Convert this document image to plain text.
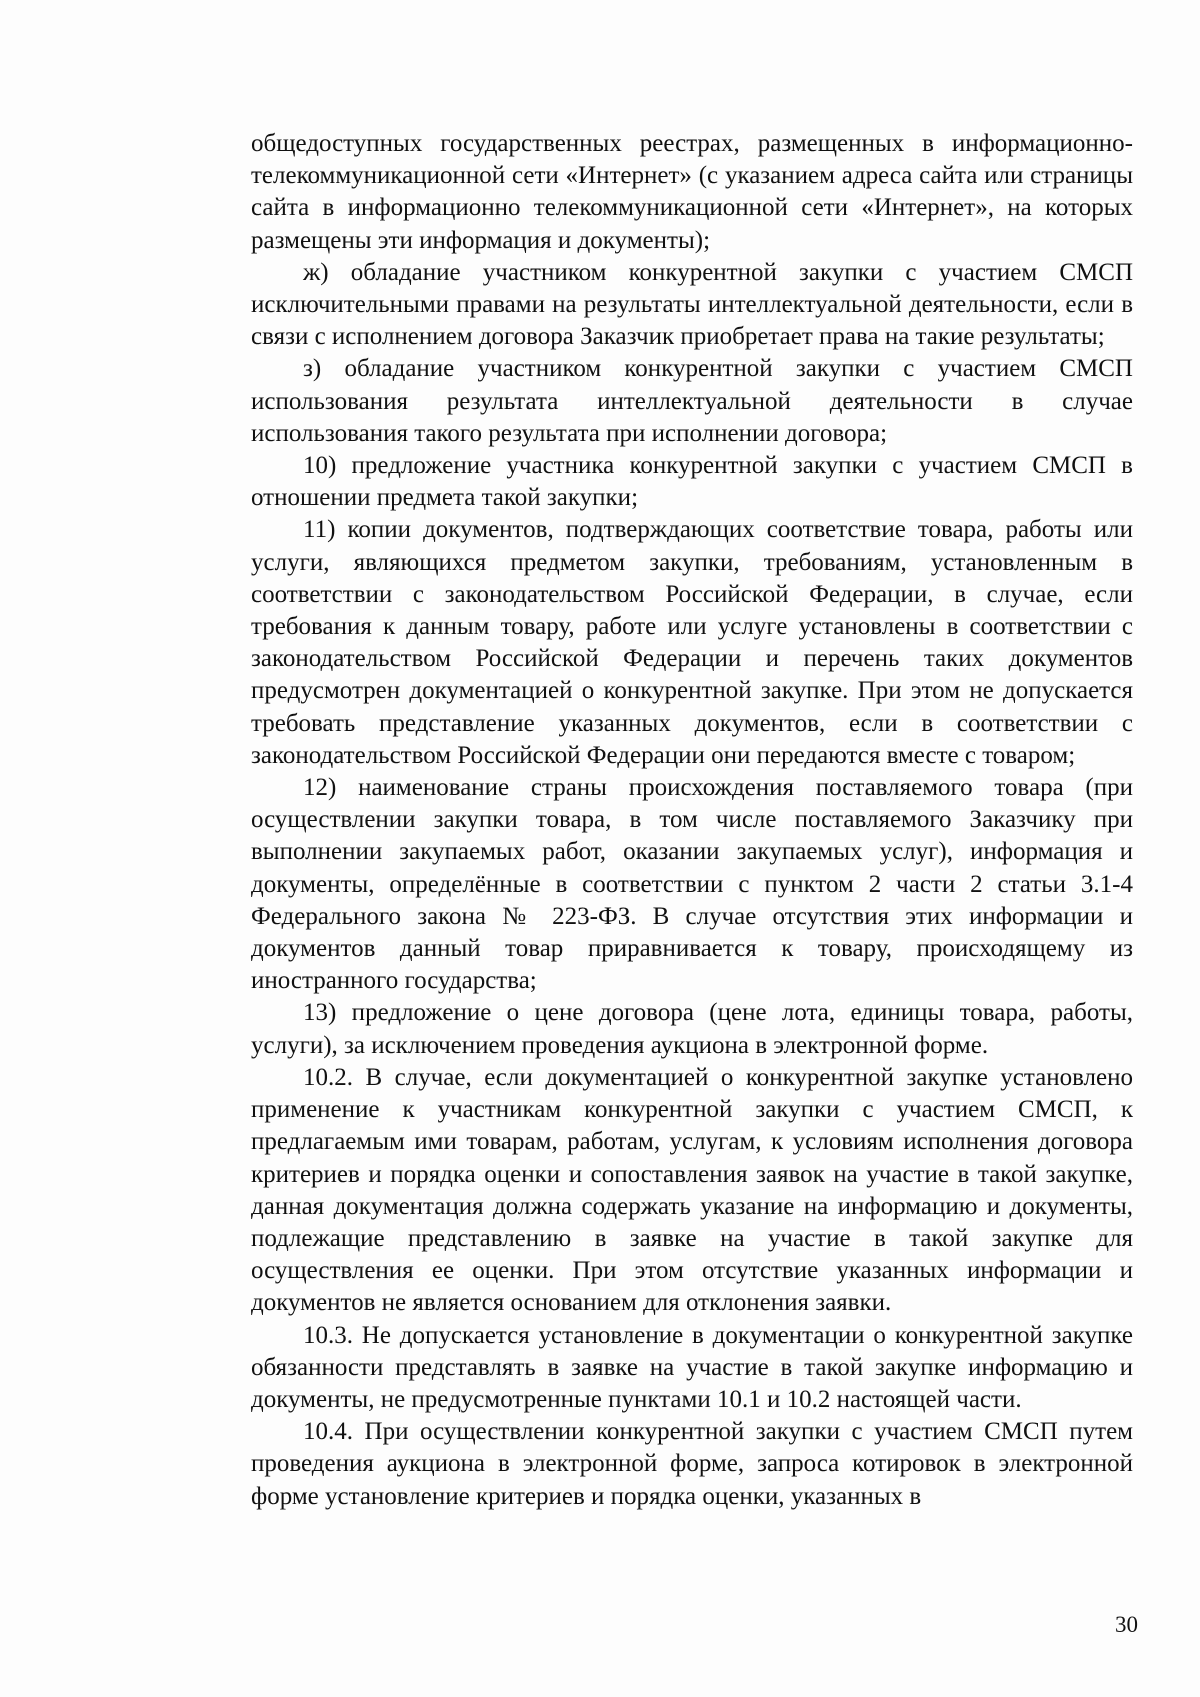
общедоступных государственных реестрах, размещенных в информационно-телекоммуникационной сети «Интернет» (с указанием адреса сайта или страницы сайта в информационно телекоммуникационной сети «Интернет», на которых размещены эти информация и документы);

ж) обладание участником конкурентной закупки с участием СМСП исключительными правами на результаты интеллектуальной деятельности, если в связи с исполнением договора Заказчик приобретает права на такие результаты;

з) обладание участником конкурентной закупки с участием СМСП использования результата интеллектуальной деятельности в случае использования такого результата при исполнении договора;

10) предложение участника конкурентной закупки с участием СМСП в отношении предмета такой закупки;

11) копии документов, подтверждающих соответствие товара, работы или услуги, являющихся предметом закупки, требованиям, установленным в соответствии с законодательством Российской Федерации, в случае, если требования к данным товару, работе или услуге установлены в соответствии с законодательством Российской Федерации и перечень таких документов предусмотрен документацией о конкурентной закупке. При этом не допускается требовать представление указанных документов, если в соответствии с законодательством Российской Федерации они передаются вместе с товаром;

12) наименование страны происхождения поставляемого товара (при осуществлении закупки товара, в том числе поставляемого Заказчику при выполнении закупаемых работ, оказании закупаемых услуг), информация и документы, определённые в соответствии с пунктом 2 части 2 статьи 3.1-4 Федерального закона № 223-ФЗ. В случае отсутствия этих информации и документов данный товар приравнивается к товару, происходящему из иностранного государства;

13) предложение о цене договора (цене лота, единицы товара, работы, услуги), за исключением проведения аукциона в электронной форме.

10.2. В случае, если документацией о конкурентной закупке установлено применение к участникам конкурентной закупки с участием СМСП, к предлагаемым ими товарам, работам, услугам, к условиям исполнения договора критериев и порядка оценки и сопоставления заявок на участие в такой закупке, данная документация должна содержать указание на информацию и документы, подлежащие представлению в заявке на участие в такой закупке для осуществления ее оценки. При этом отсутствие указанных информации и документов не является основанием для отклонения заявки.

10.3. Не допускается установление в документации о конкурентной закупке обязанности представлять в заявке на участие в такой закупке информацию и документы, не предусмотренные пунктами 10.1 и 10.2 настоящей части.

10.4. При осуществлении конкурентной закупки с участием СМСП путем проведения аукциона в электронной форме, запроса котировок в электронной форме установление критериев и порядка оценки, указанных в

30
